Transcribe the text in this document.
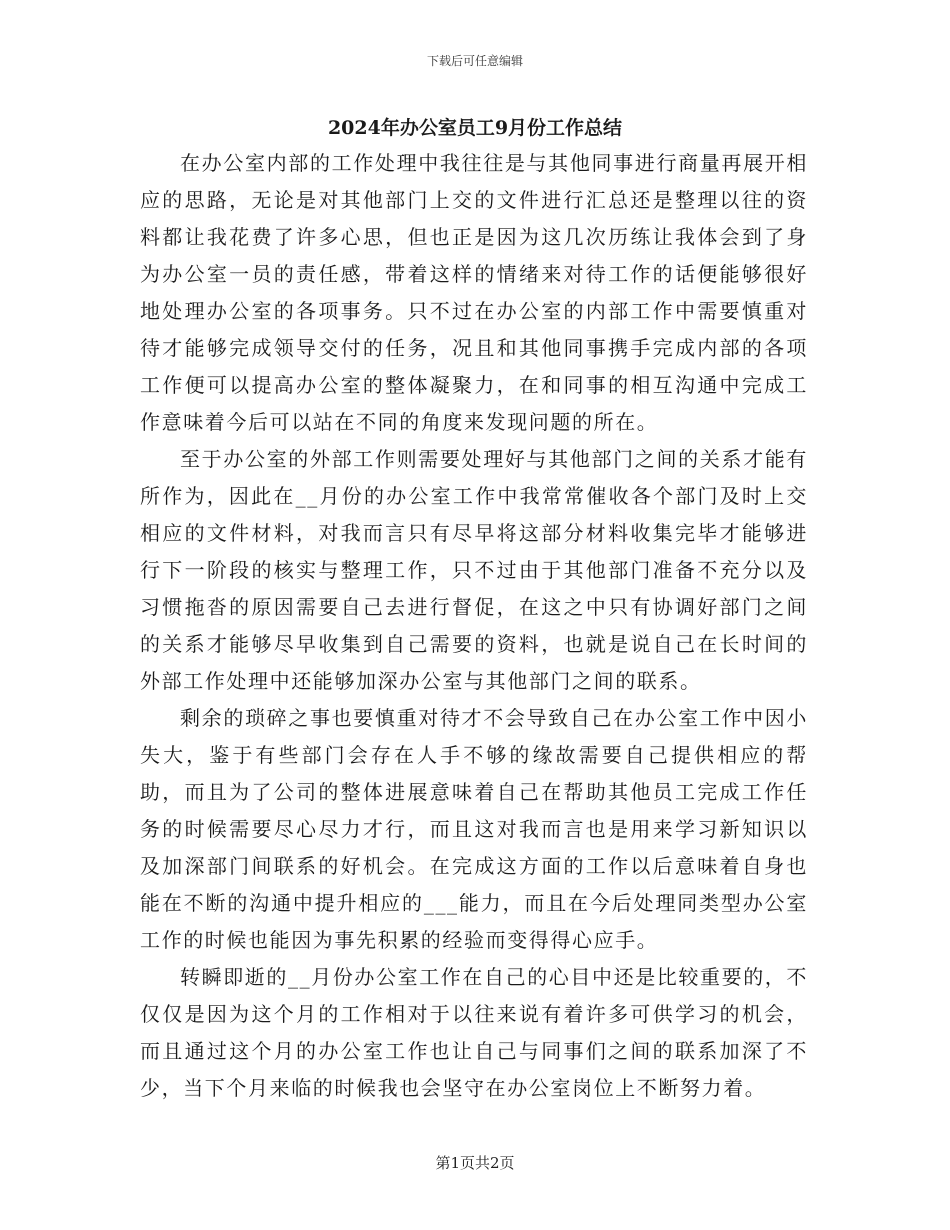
下载后可任意编辑
2024年办公室员工9月份工作总结

在办公室内部的工作处理中我往往是与其他同事进行商量再展开相应的思路，无论是对其他部门上交的文件进行汇总还是整理以往的资料都让我花费了许多心思，但也正是因为这几次历练让我体会到了身为办公室一员的责任感，带着这样的情绪来对待工作的话便能够很好地处理办公室的各项事务。只不过在办公室的内部工作中需要慎重对待才能够完成领导交付的任务，况且和其他同事携手完成内部的各项工作便可以提高办公室的整体凝聚力，在和同事的相互沟通中完成工作意味着今后可以站在不同的角度来发现问题的所在。

至于办公室的外部工作则需要处理好与其他部门之间的关系才能有所作为，因此在__月份的办公室工作中我常常催收各个部门及时上交相应的文件材料，对我而言只有尽早将这部分材料收集完毕才能够进行下一阶段的核实与整理工作，只不过由于其他部门准备不充分以及习惯拖沓的原因需要自己去进行督促，在这之中只有协调好部门之间的关系才能够尽早收集到自己需要的资料，也就是说自己在长时间的外部工作处理中还能够加深办公室与其他部门之间的联系。

剩余的琐碎之事也要慎重对待才不会导致自己在办公室工作中因小失大，鉴于有些部门会存在人手不够的缘故需要自己提供相应的帮助，而且为了公司的整体进展意味着自己在帮助其他员工完成工作任务的时候需要尽心尽力才行，而且这对我而言也是用来学习新知识以及加深部门间联系的好机会。在完成这方面的工作以后意味着自身也能在不断的沟通中提升相应的___能力，而且在今后处理同类型办公室工作的时候也能因为事先积累的经验而变得得心应手。

转瞬即逝的__月份办公室工作在自己的心目中还是比较重要的，不仅仅是因为这个月的工作相对于以往来说有着许多可供学习的机会，而且通过这个月的办公室工作也让自己与同事们之间的联系加深了不少，当下个月来临的时候我也会坚守在办公室岗位上不断努力着。

第1页共2页
